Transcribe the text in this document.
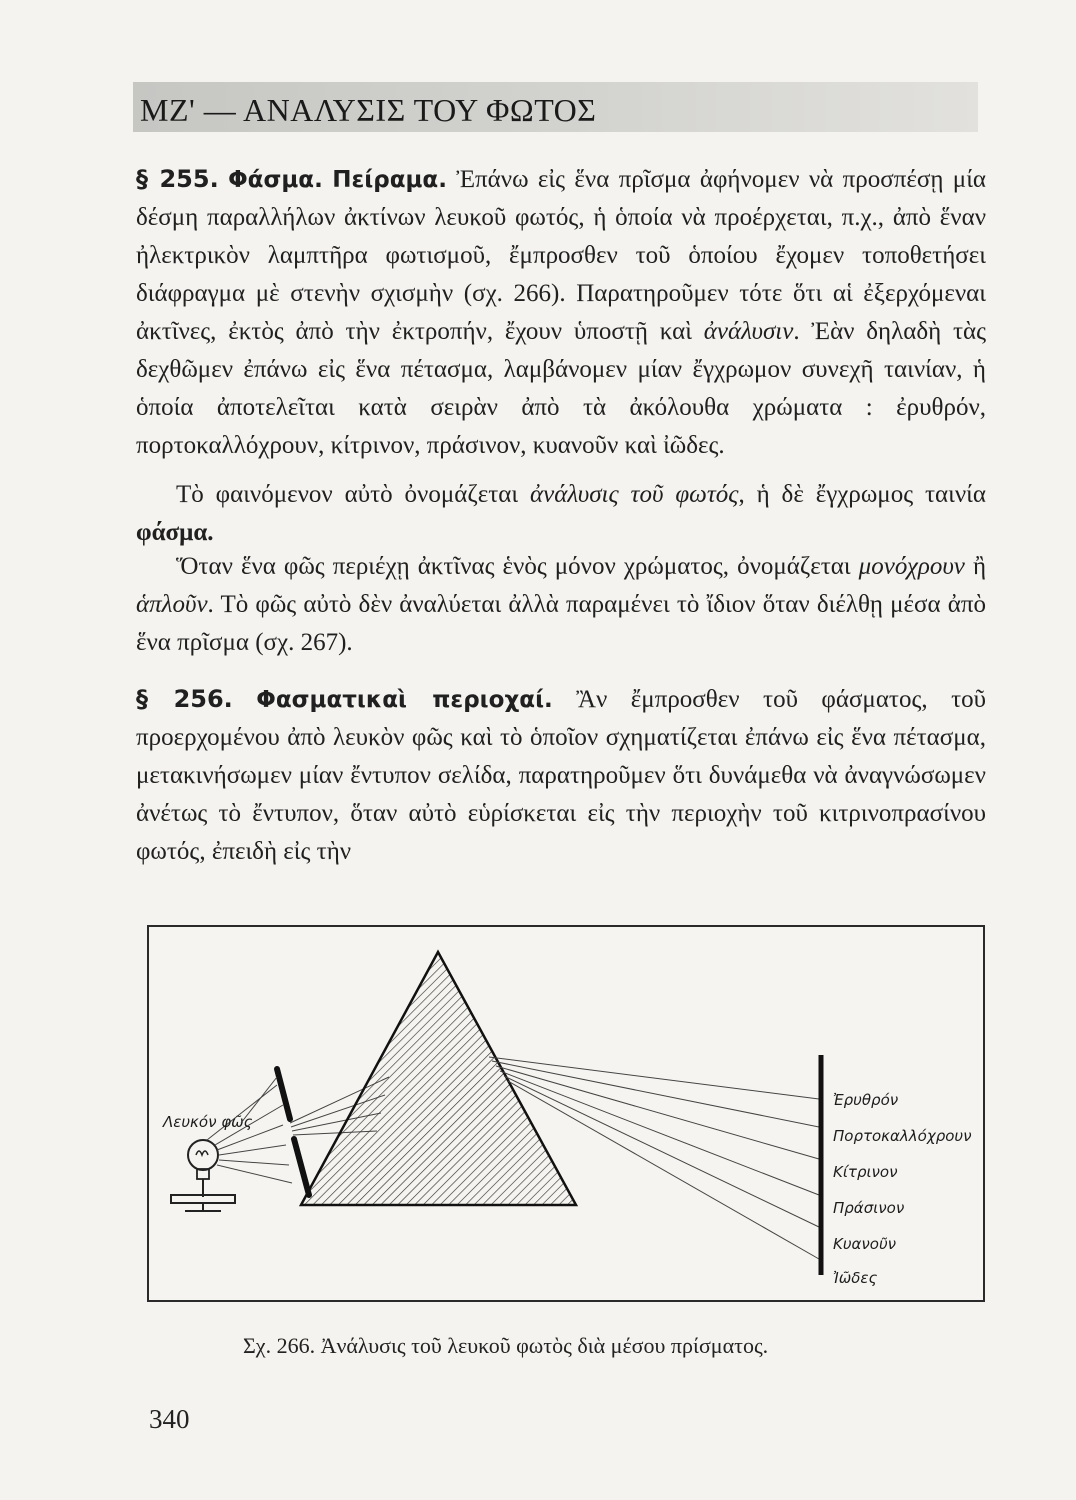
ΜΖ' — ΑΝΑΛΥΣΙΣ ΤΟΥ ΦΩΤΟΣ
§ 255. Φάσμα. Πείραμα. Ἐπάνω εἰς ἕνα πρῖσμα ἀφήνομεν νὰ προσπέσῃ μία δέσμη παραλλήλων ἀκτίνων λευκοῦ φωτός, ἡ ὁποία νὰ προέρχεται, π.χ., ἀπὸ ἕναν ἠλεκτρικὸν λαμπτῆρα φωτισμοῦ, ἔμπροσθεν τοῦ ὁποίου ἔχομεν τοποθετήσει διάφραγμα μὲ στενὴν σχισμὴν (σχ. 266). Παρατηροῦμεν τότε ὅτι αἱ ἐξερχόμεναι ἀκτῖνες, ἐκτὸς ἀπὸ τὴν ἐκτροπήν, ἔχουν ὑποστῇ καὶ ἀνάλυσιν. Ἐὰν δηλαδὴ τὰς δεχθῶμεν ἐπάνω εἰς ἕνα πέτασμα, λαμβάνομεν μίαν ἔγχρωμον συνεχῆ ταινίαν, ἡ ὁποία ἀποτελεῖται κατὰ σειρὰν ἀπὸ τὰ ἀκόλουθα χρώματα : ἐρυθρόν, πορτοκαλλόχρουν, κίτρινον, πράσινον, κυανοῦν καὶ ἰῶδες.
Τὸ φαινόμενον αὐτὸ ὀνομάζεται ἀνάλυσις τοῦ φωτός, ἡ δὲ ἔγχρωμος ταινία φάσμα.
Ὅταν ἕνα φῶς περιέχῃ ἀκτῖνας ἑνὸς μόνον χρώματος, ὀνομάζεται μονόχρουν ἢ ἁπλοῦν. Τὸ φῶς αὐτὸ δὲν ἀναλύεται ἀλλὰ παραμένει τὸ ἴδιον ὅταν διέλθῃ μέσα ἀπὸ ἕνα πρῖσμα (σχ. 267).
§ 256. Φασματικαὶ περιοχαί. Ἂν ἔμπροσθεν τοῦ φάσματος, τοῦ προερχομένου ἀπὸ λευκὸν φῶς καὶ τὸ ὁποῖον σχηματίζεται ἐπάνω εἰς ἕνα πέτασμα, μετακινήσωμεν μίαν ἔντυπον σελίδα, παρατηροῦμεν ὅτι δυνάμεθα νὰ ἀναγνώσωμεν ἀνέτως τὸ ἔντυπον, ὅταν αὐτὸ εὑρίσκεται εἰς τὴν περιοχὴν τοῦ κιτρινοπρασίνου φωτός, ἐπειδὴ εἰς τὴν
Λευκόν φῶς
Ἐρυθρόν
Πορτοκαλλόχρουν
Κίτρινον
Πράσινον
Κυανοῦν
Ἰῶδες
Σχ. 266. Ἀνάλυσις τοῦ λευκοῦ φωτὸς διὰ μέσου πρίσματος.
340
